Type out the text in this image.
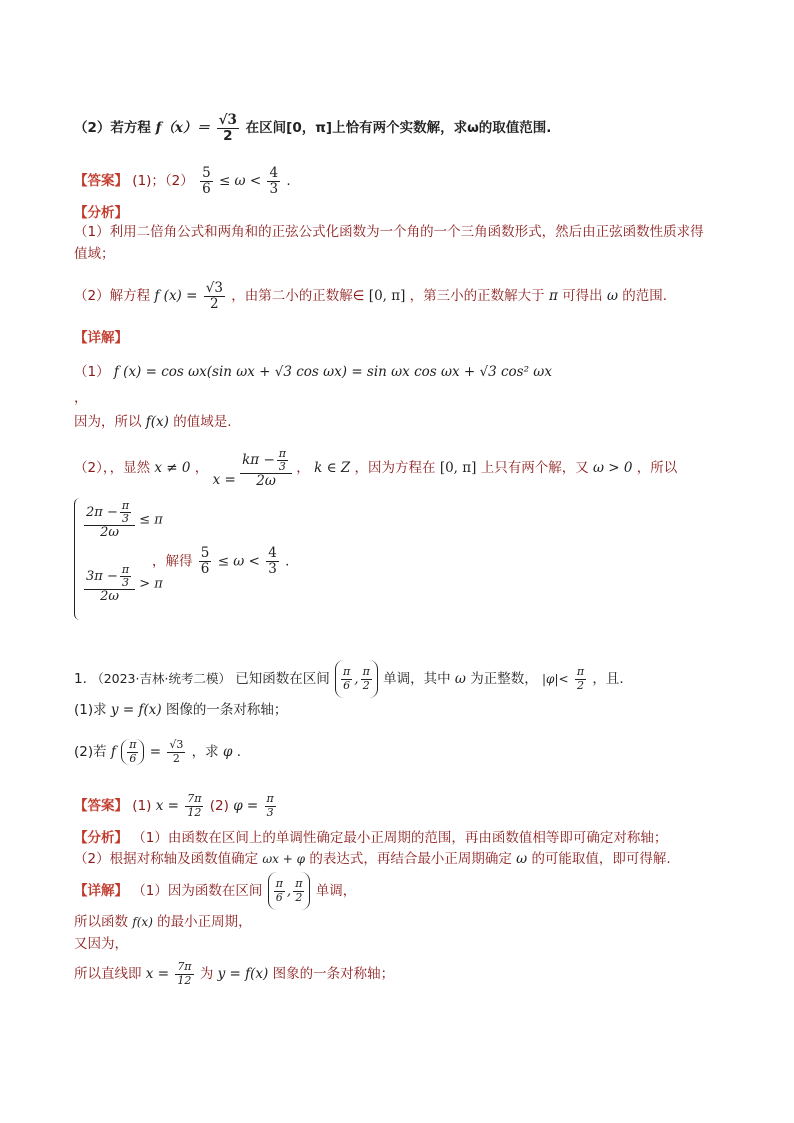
（2）若方程 $f(x)= \frac{√3}{2}$ 在区间[0，π]上恰有两个实数解，求ω的取值范围.
【答案】 (1)；$(2) \frac{5}{6} \le \omega < \frac{4}{3}$ .
【分析】
（1）利用二倍角公式和两角和的正弦公式化函数为一个角的一个三角函数形式，然后由正弦函数性质求得
值域；
（2）解方程 f $(x) = \frac{√3}{2}$ ，由第二小的正数解∈ [0, π] ，第三小的正数解大于 π 可得出 ω 的范围.
【详解】
（1） f (x) = cos ωx(sin ωx + √3 cos ωx) = sin ωx cos ωx + √3 cos² ωx
，
因为，所以 f(x) 的值域是.
（2），，显然 x ≠ 0 ， $x = \frac{k\pi - \frac{\pi}{3}}{2\omega}$ ， k ∈ Z ，因为方程在 [0, π] 上只有两个解，又 ω > 0 ，所以
$\frac{2\pi - \frac{\pi}{3}}{2\omega} \le \pi$
，解得 $\frac{5}{6} \le \omega < \frac{4}{3}$ .
$\frac{3\pi - \frac{\pi}{3}}{2\omega} > \pi$
1. （2023·吉林·统考二模） 已知函数在区间 $\frac{\pi}{6}$ , $\frac{\pi}{2}$ 单调，其中 ω 为正整数， $|\varphi|< \frac{\pi}{2}$ ，且.
(1)求 y = f(x) 图像的一条对称轴；
(2)若 f $\frac{\pi}{6} = \frac{√3}{2}$ ，求 φ .
【答案】 (1) $x = \frac{7\pi}{12} (2) \varphi = \frac{\pi}{3}$
【分析】 （1）由函数在区间上的单调性确定最小正周期的范围，再由函数值相等即可确定对称轴；
（2）根据对称轴及函数值确定 ωx + φ 的表达式，再结合最小正周期确定 ω 的可能取值，即可得解.
【详解】 （1）因为函数在区间 $\frac{\pi}{6}$ , $\frac{\pi}{2}$ 单调，
所以函数 f(x) 的最小正周期，
又因为，
所以直线即 $x = \frac{7\pi}{12}$ 为 y = f(x) 图象的一条对称轴；
